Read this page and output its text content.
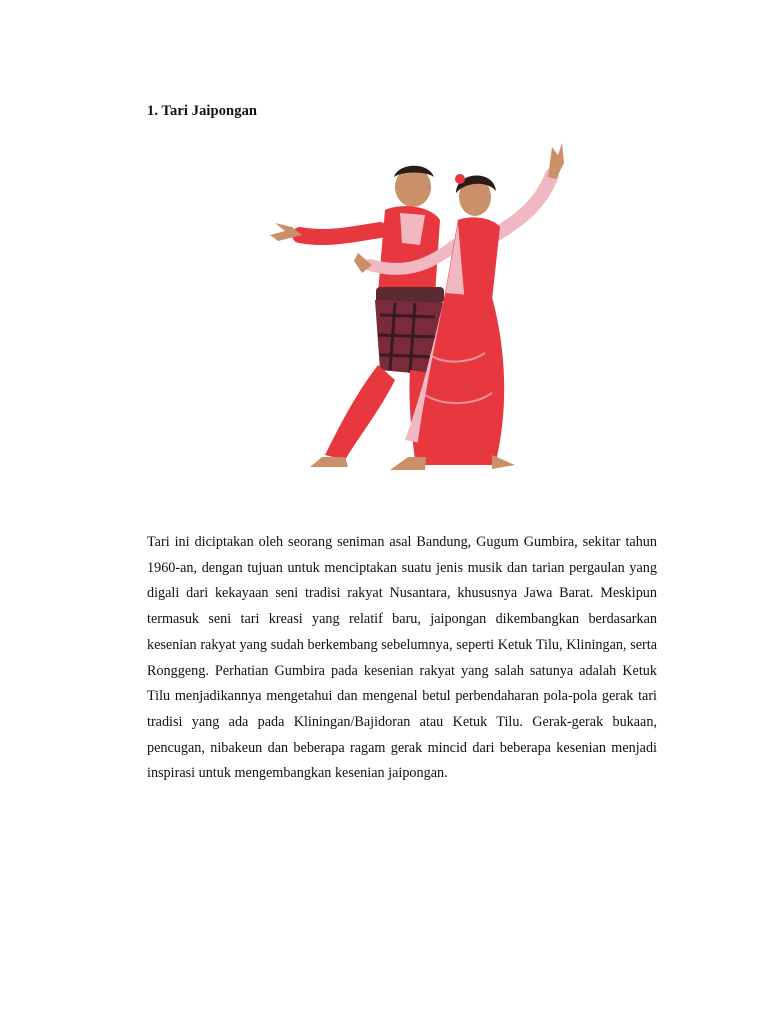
1. Tari Jaipongan

Tari ini diciptakan oleh seorang seniman asal Bandung, Gugum Gumbira, sekitar tahun 1960-an, dengan tujuan untuk menciptakan suatu jenis musik dan tarian pergaulan yang digali dari kekayaan seni tradisi rakyat Nusantara, khususnya Jawa Barat. Meskipun termasuk seni tari kreasi yang relatif baru, jaipongan dikembangkan berdasarkan kesenian rakyat yang sudah berkembang sebelumnya, seperti Ketuk Tilu, Kliningan, serta Ronggeng. Perhatian Gumbira pada kesenian rakyat yang salah satunya adalah Ketuk Tilu menjadikannya mengetahui dan mengenal betul perbendaharan pola-pola gerak tari tradisi yang ada pada Kliningan/Bajidoran atau Ketuk Tilu. Gerak-gerak bukaan, pencugan, nibakeun dan beberapa ragam gerak mincid dari beberapa kesenian menjadi inspirasi untuk mengembangkan kesenian jaipongan.
